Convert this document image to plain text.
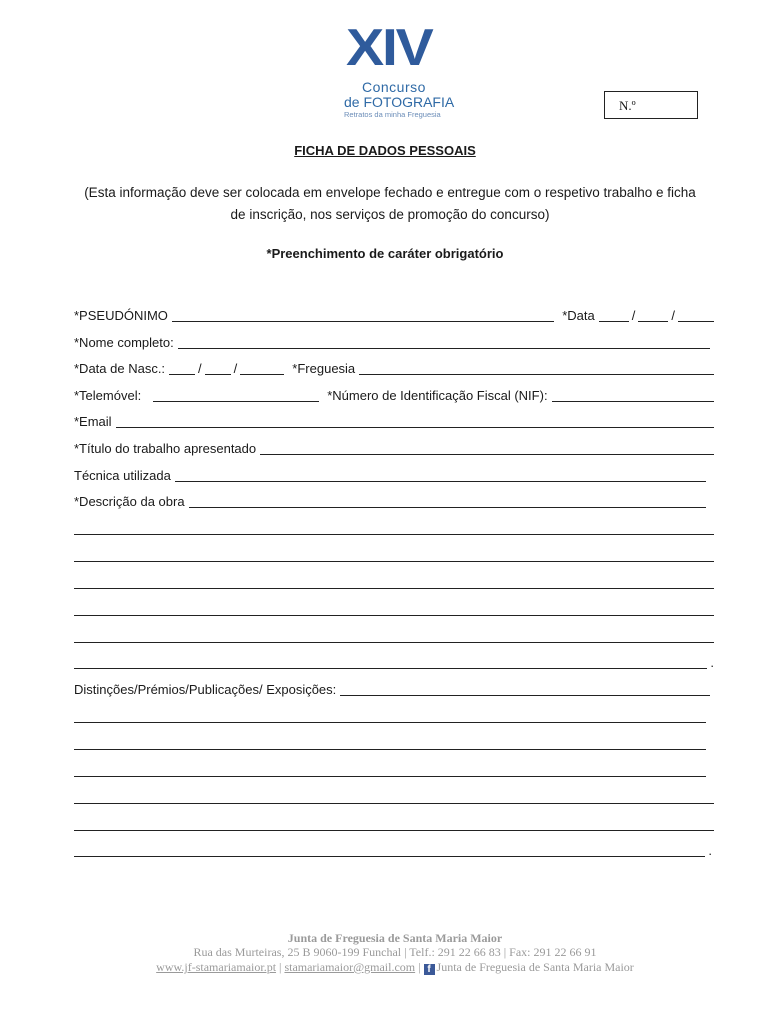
XIV
Concurso
de FOTOGRAFIA
Retratos da minha Freguesia
N.º
FICHA DE DADOS PESSOAIS
(Esta informação deve ser colocada em envelope fechado e entregue com o respetivo trabalho e ficha de inscrição, nos serviços de promoção do concurso)
*Preenchimento de caráter obrigatório
*PSEUDÓNIMO	*Data	/	/
*Nome completo:
*Data de Nasc.:	/ /	*Freguesia
*Telemóvel:	*Número de Identificação Fiscal (NIF):
*Email
*Título do trabalho apresentado
Técnica utilizada
*Descrição da obra
.
Distinções/Prémios/Publicações/ Exposições:
.
Junta de Freguesia de Santa Maria Maior
Rua das Murteiras, 25 B 9060-199 Funchal | Telf.: 291 22 66 83 | Fax: 291 22 66 91
www.jf-stamariamaior.pt | stamariamaior@gmail.com | f Junta de Freguesia de Santa Maria Maior
